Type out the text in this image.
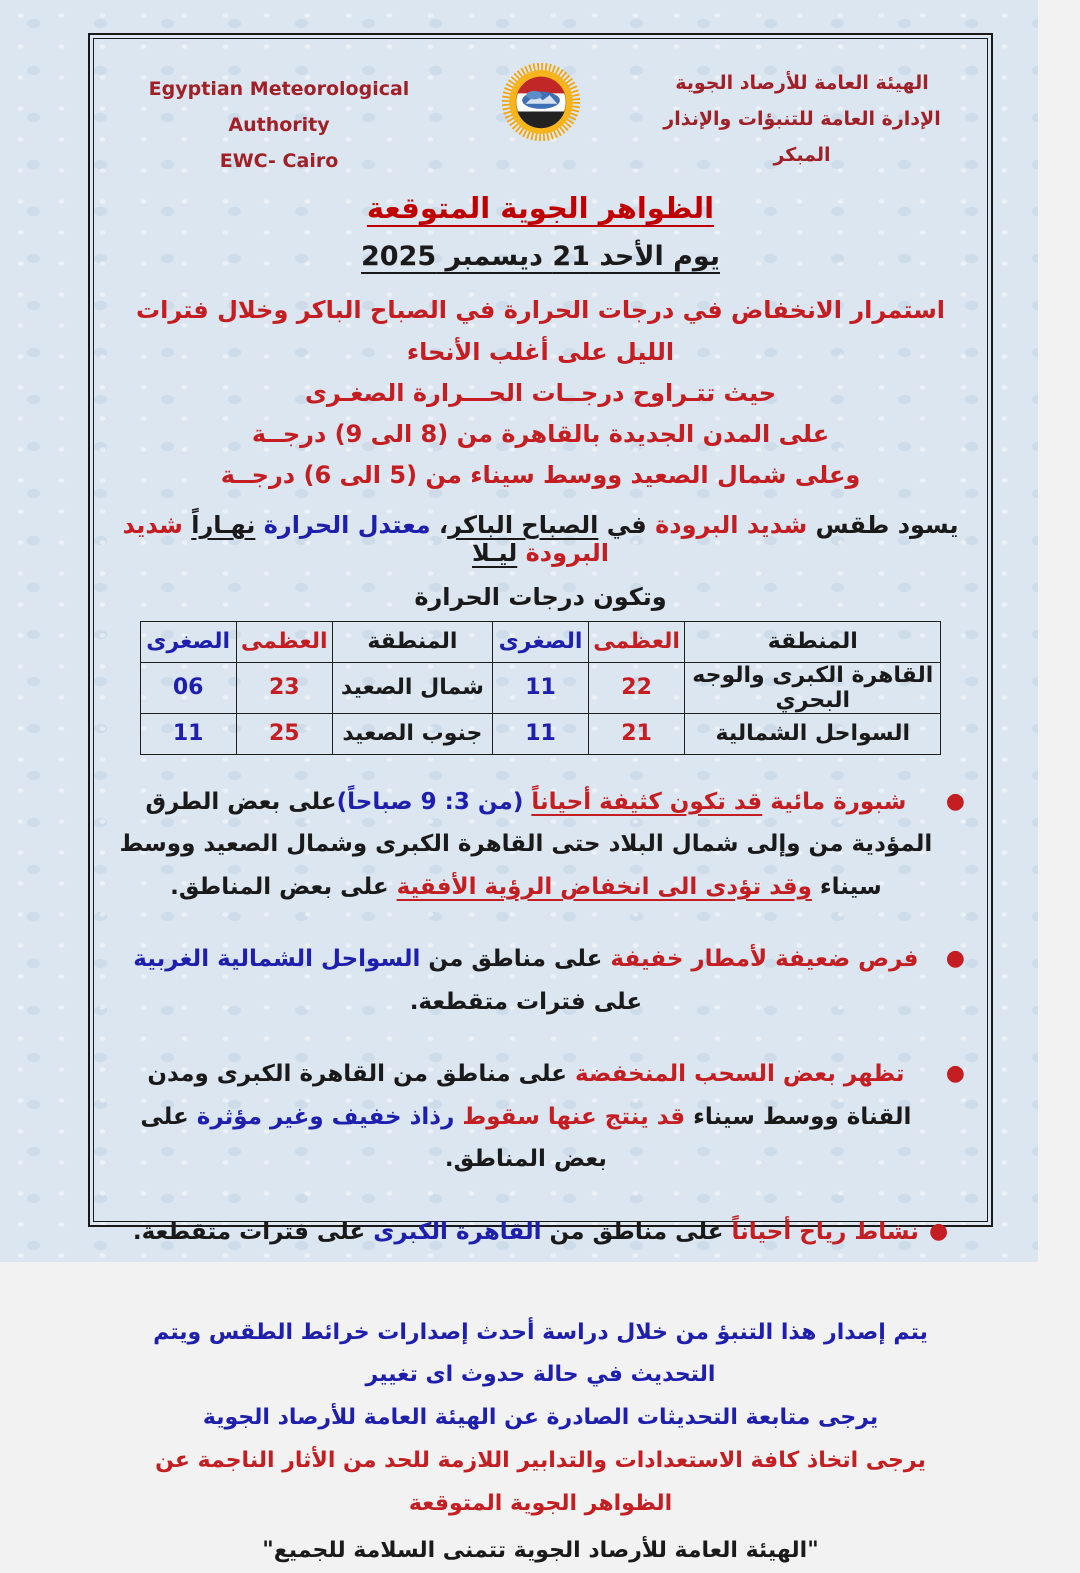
Egyptian Meteorological Authority
EWC- Cairo
الهيئة العامة للأرصاد الجوية
الإدارة العامة للتنبؤات والإنذار المبكر
الظواهر الجوية المتوقعة
يوم الأحد 21 ديسمبر 2025
استمرار الانخفاض في درجات الحرارة في الصباح الباكر وخلال فترات الليل على أغلب الأنحاء
حيث تتـراوح درجــات الحـــرارة الصغـرى
على المدن الجديدة بالقاهرة من (8 الى 9) درجــة
وعلى شمال الصعيد ووسط سيناء من (5 الى 6) درجــة
يسود طقس شديد البرودة في الصباح الباكر، معتدل الحرارة نهـاراً شديد البرودة ليـلا
وتكون درجات الحرارة
المنطقة	العظمى	الصغرى	المنطقة	العظمى	الصغرى
القاهرة الكبرى والوجه البحري	22	11	شمال الصعيد	23	06
السواحل الشمالية	21	11	جنوب الصعيد	25	11
●
شبورة مائية قد تكون كثيفة أحياناً (من 3: 9 صباحاً)على بعض الطرق المؤدية من وإلى شمال البلاد حتى القاهرة الكبرى وشمال الصعيد ووسط سيناء وقد تؤدى الى انخفاض الرؤية الأفقية على بعض المناطق.
●
فرص ضعيفة لأمطار خفيفة على مناطق من السواحل الشمالية الغربية على فترات متقطعة.
●
تظهر بعض السحب المنخفضة على مناطق من القاهرة الكبرى ومدن القناة ووسط سيناء قد ينتج عنها سقوط رذاذ خفيف وغير مؤثرة على بعض المناطق.
●
نشاط رياح أحياناً على مناطق من القاهرة الكبرى على فترات متقطعة.
يتم إصدار هذا التنبؤ من خلال دراسة أحدث إصدارات خرائط الطقس ويتم التحديث في حالة حدوث اى تغيير
يرجى متابعة التحديثات الصادرة عن الهيئة العامة للأرصاد الجوية
يرجى اتخاذ كافة الاستعدادات والتدابير اللازمة للحد من الأثار الناجمة عن الظواهر الجوية المتوقعة
"الهيئة العامة للأرصاد الجوية تتمنى السلامة للجميع"
